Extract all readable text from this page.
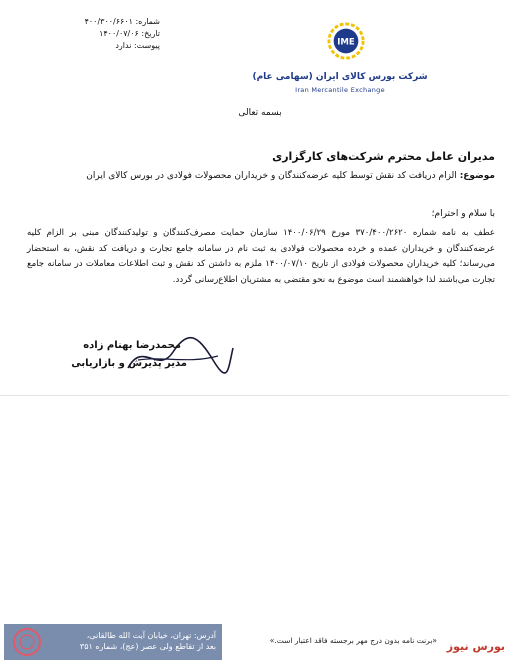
شماره: ۴۰۰/۳۰۰/۶۶۰۱
تاریخ: ۱۴۰۰/۰۷/۰۶
پیوست: ندارد	IME
شرکت بورس کالای ایران (سهامی عام)
Iran Mercantile Exchange
بسمه تعالی
مدیران عامل محترم شرکت‌های کارگزاری
موضوع: الزام دریافت کد نقش توسط کلیه عرضه‌کنندگان و خریداران محصولات فولادی در بورس کالای ایران
با سلام و احترام؛
عطف به نامه شماره ۳۷۰/۴۰۰/۲۶۲۰ مورخ ۱۴۰۰/۰۶/۲۹ سازمان حمایت مصرف‌کنندگان و تولیدکنندگان مبنی بر الزام کلیه عرضه‌کنندگان و خریداران عمده و خرده محصولات فولادی به ثبت نام در سامانه جامع تجارت و دریافت کد نقش، به استحضار می‌رساند؛ کلیه خریداران محصولات فولادی از تاریخ ۱۴۰۰/۰۷/۱۰ ملزم به داشتن کد نقش و ثبت اطلاعات معاملات در سامانه جامع تجارت می‌باشند لذا خواهشمند است موضوع به نحو مقتضی به مشتریان اطلاع‌رسانی گردد.
محمدرضا بهنام زاده
مدیر پذیرش و بازاریابی
آدرس: تهران، خیابان آیت الله طالقانی،
بعد از تقاطع ولی عصر (عج)، شماره ۳۵۱
«برنت نامه بدون درج مهر برجسته فاقد اعتبار است.» بورس نیوز
